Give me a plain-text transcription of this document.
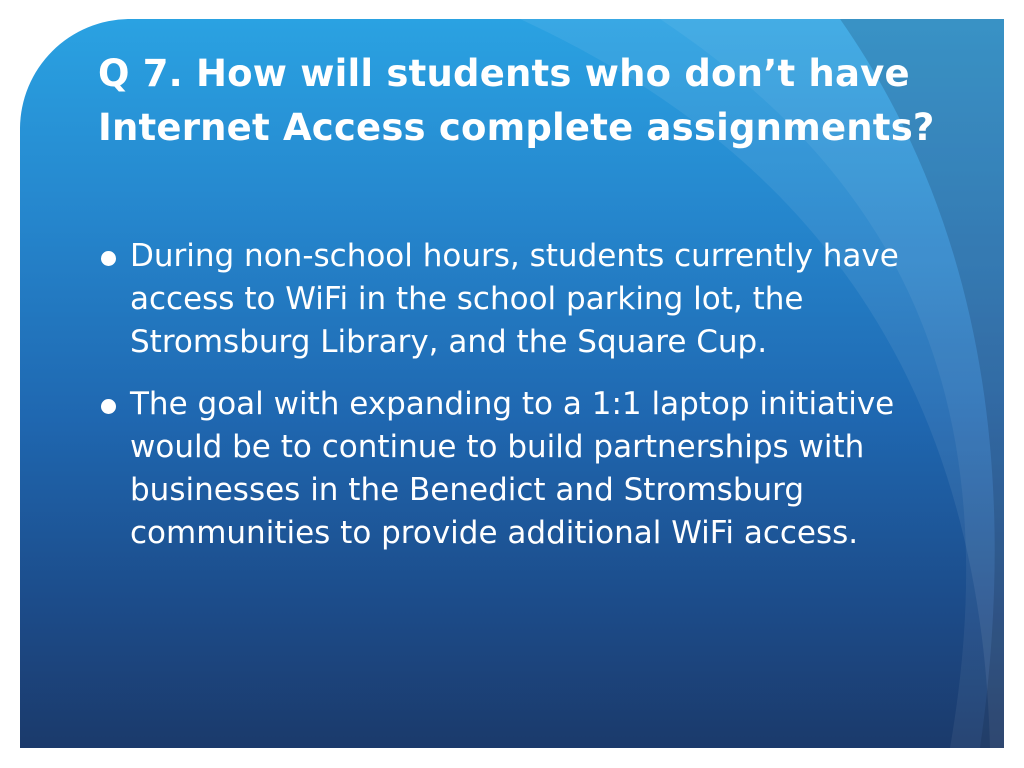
Q 7. How will students who don’t have Internet Access complete assignments?
During non-school hours, students currently have access to WiFi in the school parking lot, the Stromsburg Library, and the Square Cup.
The goal with expanding to a 1:1 laptop initiative would be to continue to build partnerships with businesses in the Benedict and Stromsburg communities to provide additional WiFi access.
